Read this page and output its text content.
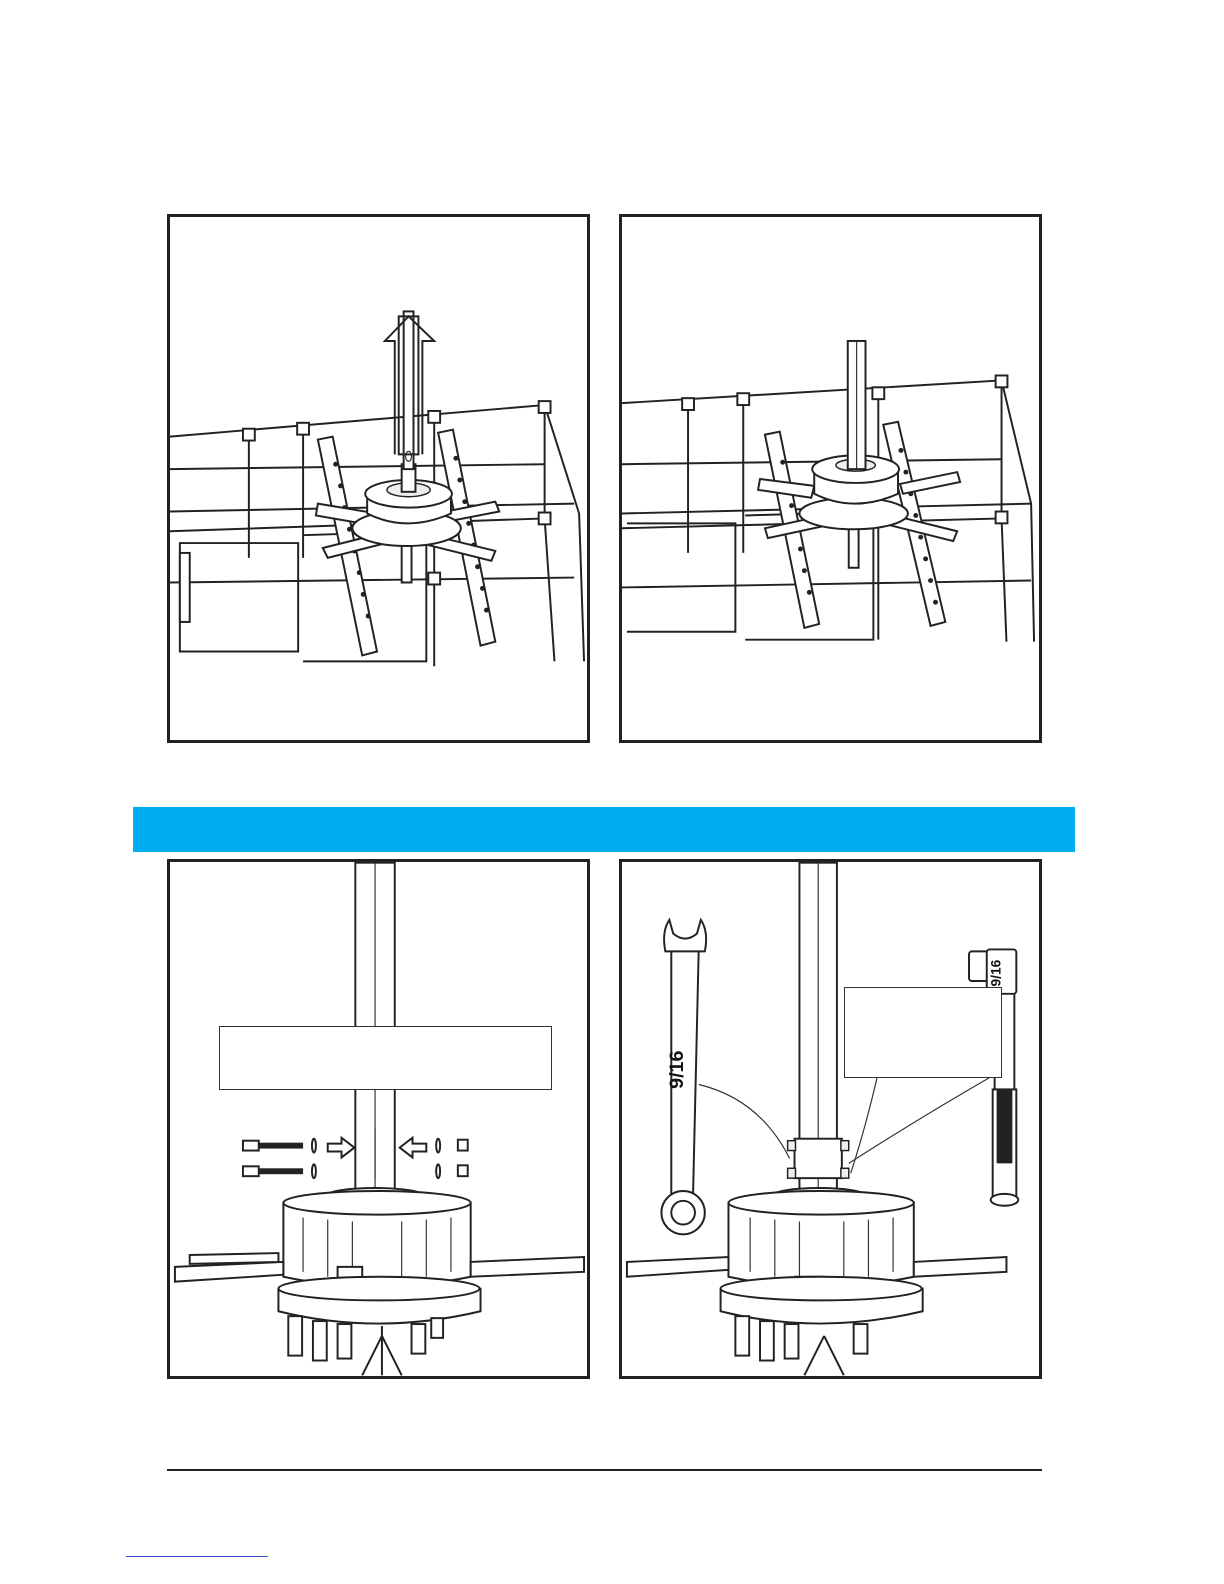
9/16
9/16
